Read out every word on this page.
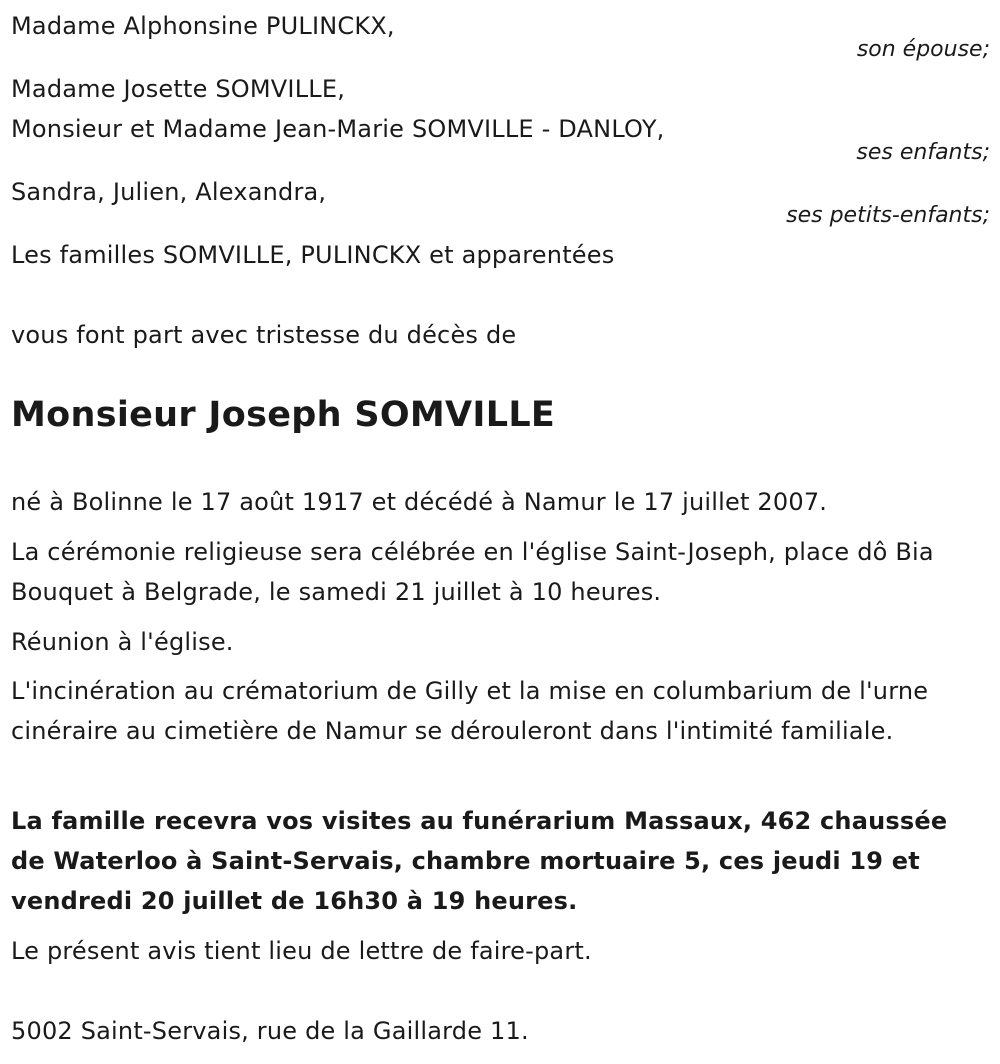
Madame Alphonsine PULINCKX,
son épouse;
Madame Josette SOMVILLE,
Monsieur et Madame Jean-Marie SOMVILLE - DANLOY,
ses enfants;
Sandra, Julien, Alexandra,
ses petits-enfants;
Les familles SOMVILLE, PULINCKX et apparentées
vous font part avec tristesse du décès de
Monsieur Joseph SOMVILLE
né à Bolinne le 17 août 1917 et décédé à Namur le 17 juillet 2007.
La cérémonie religieuse sera célébrée en l'église Saint-Joseph, place dô Bia Bouquet à Belgrade, le samedi 21 juillet à 10 heures.
Réunion à l'église.
L'incinération au crématorium de Gilly et la mise en columbarium de l'urne cinéraire au cimetière de Namur se dérouleront dans l'intimité familiale.
La famille recevra vos visites au funérarium Massaux, 462 chaussée de Waterloo à Saint-Servais, chambre mortuaire 5, ces jeudi 19 et vendredi 20 juillet de 16h30 à 19 heures.
Le présent avis tient lieu de lettre de faire-part.
5002 Saint-Servais, rue de la Gaillarde 11.
